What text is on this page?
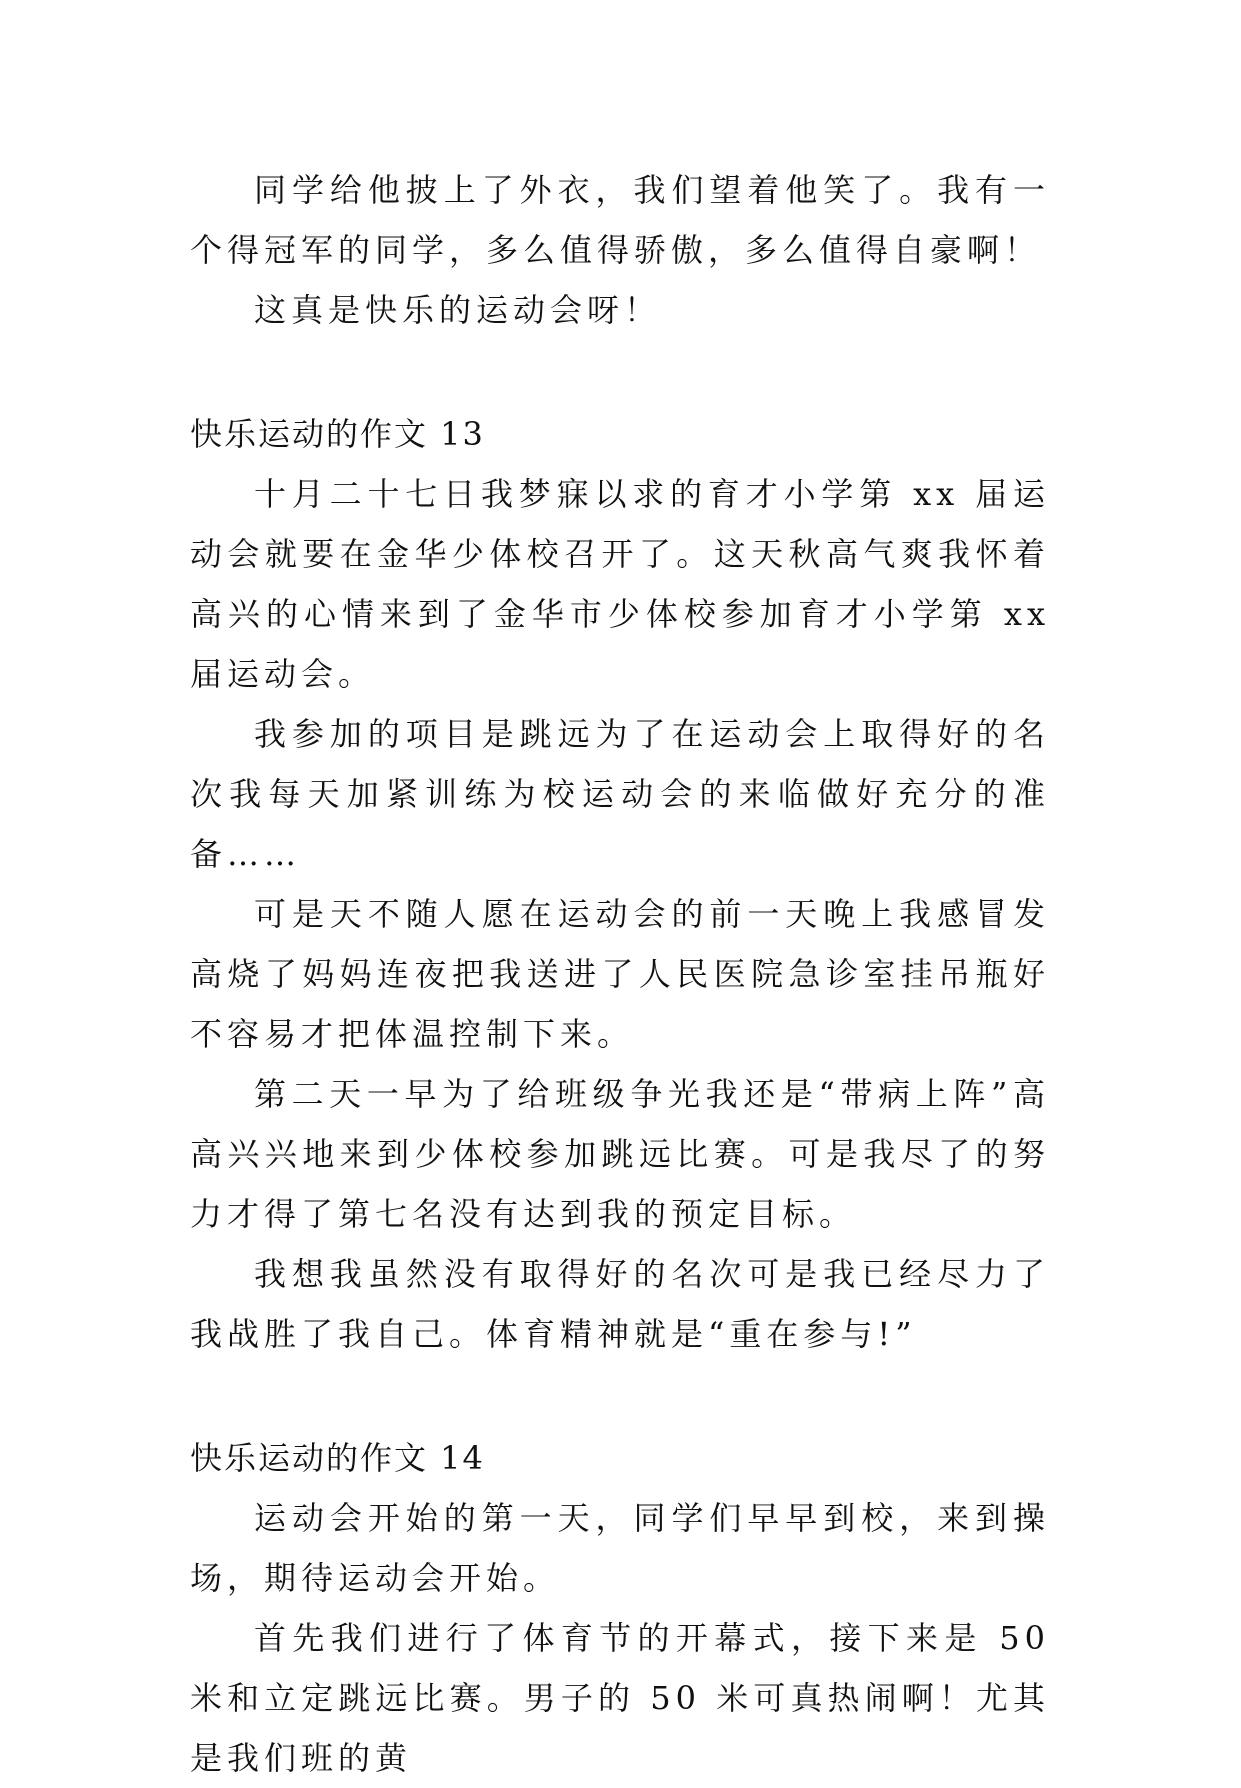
同学给他披上了外衣，我们望着他笑了。我有一个得冠军的同学，多么值得骄傲，多么值得自豪啊！

这真是快乐的运动会呀！

快乐运动的作文 13

十月二十七日我梦寐以求的育才小学第 xx 届运动会就要在金华少体校召开了。这天秋高气爽我怀着高兴的心情来到了金华市少体校参加育才小学第 xx 届运动会。

我参加的项目是跳远为了在运动会上取得好的名次我每天加紧训练为校运动会的来临做好充分的准备……

可是天不随人愿在运动会的前一天晚上我感冒发高烧了妈妈连夜把我送进了人民医院急诊室挂吊瓶好不容易才把体温控制下来。

第二天一早为了给班级争光我还是“带病上阵”高高兴兴地来到少体校参加跳远比赛。可是我尽了的努力才得了第七名没有达到我的预定目标。

我想我虽然没有取得好的名次可是我已经尽力了我战胜了我自己。体育精神就是“重在参与!”

快乐运动的作文 14

运动会开始的第一天，同学们早早到校，来到操场，期待运动会开始。

首先我们进行了体育节的开幕式，接下来是 50 米和立定跳远比赛。男子的 50 米可真热闹啊！尤其是我们班的黄
